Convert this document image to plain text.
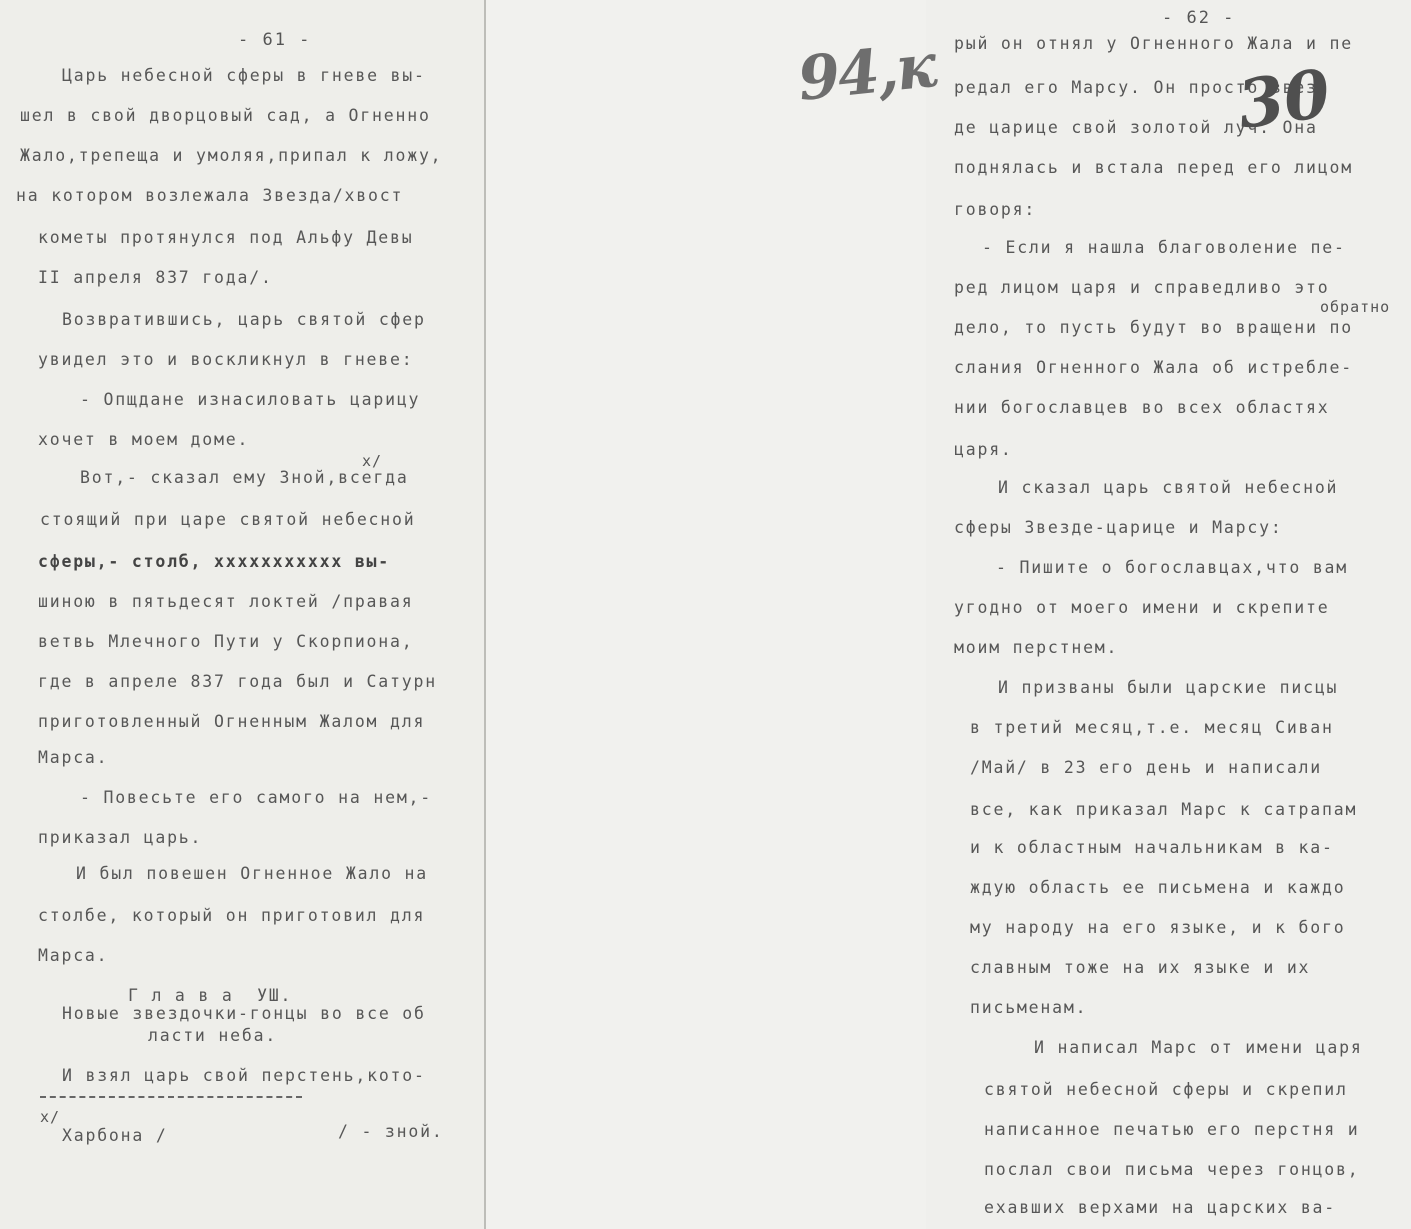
- 61 -
- 62 -
Царь небесной сферы в гневе вы-
шел в свой дворцовый сад, а Огненно
Жало,трепеща и умоляя,припал к ложу,
на котором возлежала Звезда/хвост
кометы протянулся под Альфу Девы
II апреля 837 года/.
Возвратившись, царь святой сфер
увидел это и воскликнул в гневе:
- Опщдане изнасиловать царицу
хочет в моем доме.
x/
Вот,- сказал ему Зной,всегда
стоящий при царе святой небесной
сферы,- столб, ххххххххххх вы-
шиною в пятьдесят локтей /правая
ветвь Млечного Пути у Скорпиона,
где в апреле 837 года был и Сатурн
приготовленный Огненным Жалом для
Марса.
- Повесьте его самого на нем,-
приказал царь.
И был повешен Огненное Жало на
столбе, который он приготовил для
Марса.
Г л а в а  УШ.
Новые звездочки-гонцы во все об
ласти неба.
И взял царь свой перстень,кото-
x/
Харбона /	/ - зной.
рый он отнял у Огненного Жала и пе
редал его Марсу. Он просто звез
де царице свой золотой луч. Она
поднялась и встала перед его лицом
говоря:
- Если я нашла благоволение пе-
ред лицом царя и справедливо это
обратно
дело, то пусть будут во вращени по
слания Огненного Жала об истребле-
нии богославцев во всех областях
царя.
И сказал царь святой небесной
сферы Звезде-царице и Марсу:
- Пишите о богославцах,что вам
угодно от моего имени и скрепите
моим перстнем.
И призваны были царские писцы
в третий месяц,т.е. месяц Сиван
/Май/ в 23 его день и написали
все, как приказал Марс к сатрапам
и к областным начальникам в ка-
ждую область ее письмена и каждо
му народу на его языке, и к бого
славным тоже на их языке и их
письменам.
И написал Марс от имени царя
святой небесной сферы и скрепил
написанное печатью его перстня и
послал свои письма через гонцов,
ехавших верхами на царских ва-
94,к	30
